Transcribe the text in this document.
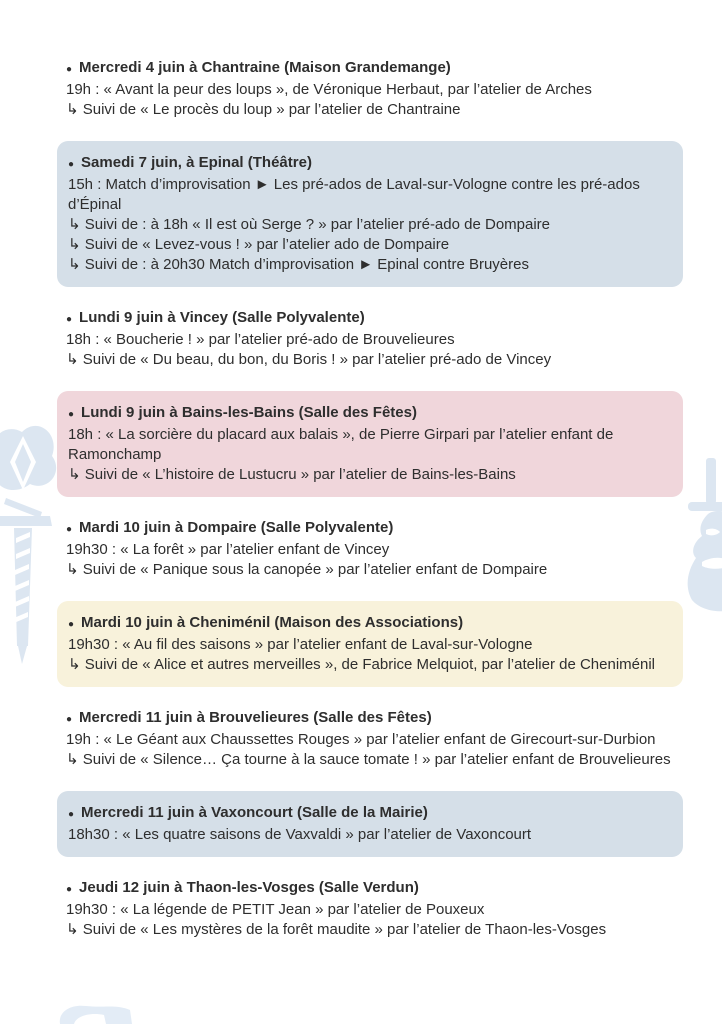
● Mercredi 4 juin à Chantraine (Maison Grandemange)

19h : « Avant la peur des loups », de Véronique Herbaut, par l’atelier de Arches

↳ Suivi de « Le procès du loup » par l’atelier de Chantraine

● Samedi 7 juin, à Epinal (Théâtre)

15h : Match d’improvisation ► Les pré-ados de Laval-sur-Vologne contre les pré-ados d’Épinal

↳ Suivi de : à 18h « Il est où Serge ? » par l’atelier pré-ado de Dompaire

↳ Suivi de « Levez-vous ! » par l’atelier ado de Dompaire

↳ Suivi de : à 20h30 Match d’improvisation ► Epinal contre Bruyères

● Lundi 9 juin à Vincey (Salle Polyvalente)

18h : « Boucherie ! » par l’atelier pré-ado de Brouvelieures

↳ Suivi de « Du beau, du bon, du Boris ! » par l’atelier pré-ado de Vincey

● Lundi 9 juin à Bains-les-Bains (Salle des Fêtes)

18h : « La sorcière du placard aux balais », de Pierre Girpari par l’atelier enfant de Ramonchamp

↳ Suivi de « L’histoire de Lustucru » par l’atelier de Bains-les-Bains

● Mardi 10 juin à Dompaire (Salle Polyvalente)

19h30 : « La forêt » par l’atelier enfant de Vincey

↳ Suivi de « Panique sous la canopée » par l’atelier enfant de Dompaire

● Mardi 10 juin à Cheniménil (Maison des Associations)

19h30 : « Au fil des saisons » par l’atelier enfant de Laval-sur-Vologne

↳ Suivi de « Alice et autres merveilles », de Fabrice Melquiot, par l’atelier de Cheniménil

● Mercredi 11 juin à Brouvelieures (Salle des Fêtes)

19h : « Le Géant aux Chaussettes Rouges » par l’atelier enfant de Girecourt-sur-Durbion

↳ Suivi de « Silence… Ça tourne à la sauce tomate ! » par l’atelier enfant de Brouvelieures

● Mercredi 11 juin à Vaxoncourt (Salle de la Mairie)

18h30 : « Les quatre saisons de Vaxvaldi » par l’atelier de Vaxoncourt

● Jeudi 12 juin à Thaon-les-Vosges (Salle Verdun)

19h30 : « La légende de PETIT Jean » par l’atelier de Pouxeux

↳ Suivi de « Les mystères de la forêt maudite » par l’atelier de Thaon-les-Vosges
